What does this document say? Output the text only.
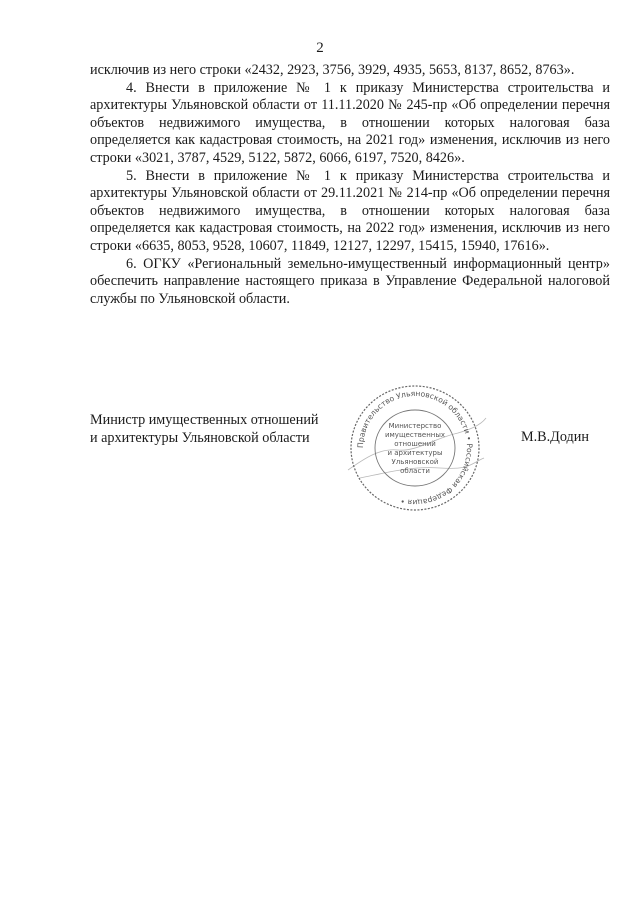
2

исключив из него строки «2432, 2923, 3756, 3929, 4935, 5653, 8137, 8652, 8763».

4. Внести в приложение № 1 к приказу Министерства строительства и архитектуры Ульяновской области от 11.11.2020 № 245-пр «Об определении перечня объектов недвижимого имущества, в отношении которых налоговая база определяется как кадастровая стоимость, на 2021 год» изменения, исключив из него строки «3021, 3787, 4529, 5122, 5872, 6066, 6197, 7520, 8426».

5. Внести в приложение № 1 к приказу Министерства строительства и архитектуры Ульяновской области от 29.11.2021 № 214-пр «Об определении перечня объектов недвижимого имущества, в отношении которых налоговая база определяется как кадастровая стоимость, на 2022 год» изменения, исключив из него строки «6635, 8053, 9528, 10607, 11849, 12127, 12297, 15415, 15940, 17616».

6. ОГКУ «Региональный земельно-имущественный информационный центр» обеспечить направление настоящего приказа в Управление Федеральной налоговой службы по Ульяновской области.

Министр имущественных отношений
и архитектуры Ульяновской области	Правительство Ульяновской области • Российская Федерация •
Министерство
имущественных
отношений
и архитектуры
Ульяновской
области
М.В.Додин
